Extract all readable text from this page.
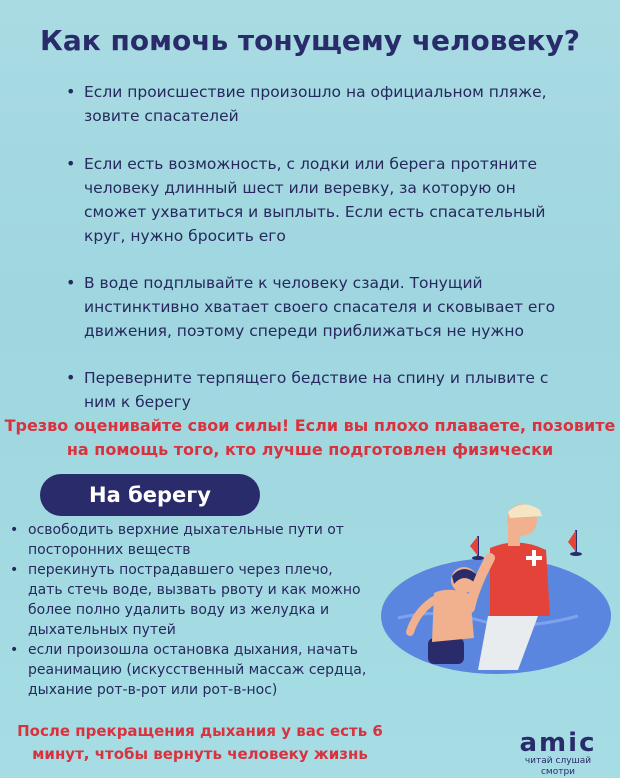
Как помочь тонущему человеку?
• Если происшествие произошло на официальном пляже, зовите спасателей
• Если есть возможность, с лодки или берега протяните человеку длинный шест или веревку, за которую он сможет ухватиться и выплыть. Если есть спасательный круг, нужно бросить его
• В воде подплывайте к человеку сзади. Тонущий инстинктивно хватает своего спасателя и сковывает его движения, поэтому спереди приближаться не нужно
• Переверните терпящего бедствие на спину и плывите с ним к берегу

Трезво оценивайте свои силы! Если вы плохо плаваете, позовите на помощь того, кто лучше подготовлен физически

На берегу
• освободить верхние дыхательные пути от посторонних веществ
• перекинуть пострадавшего через плечо, дать стечь воде, вызвать рвоту и как можно более полно удалить воду из желудка и дыхательных путей
• если произошла остановка дыхания, начать реанимацию (искусственный массаж сердца, дыхание рот-в-рот или рот-в-нос)

После прекращения дыхания у вас есть 6 минут, чтобы вернуть человеку жизнь	amic
читай слушай смотри
